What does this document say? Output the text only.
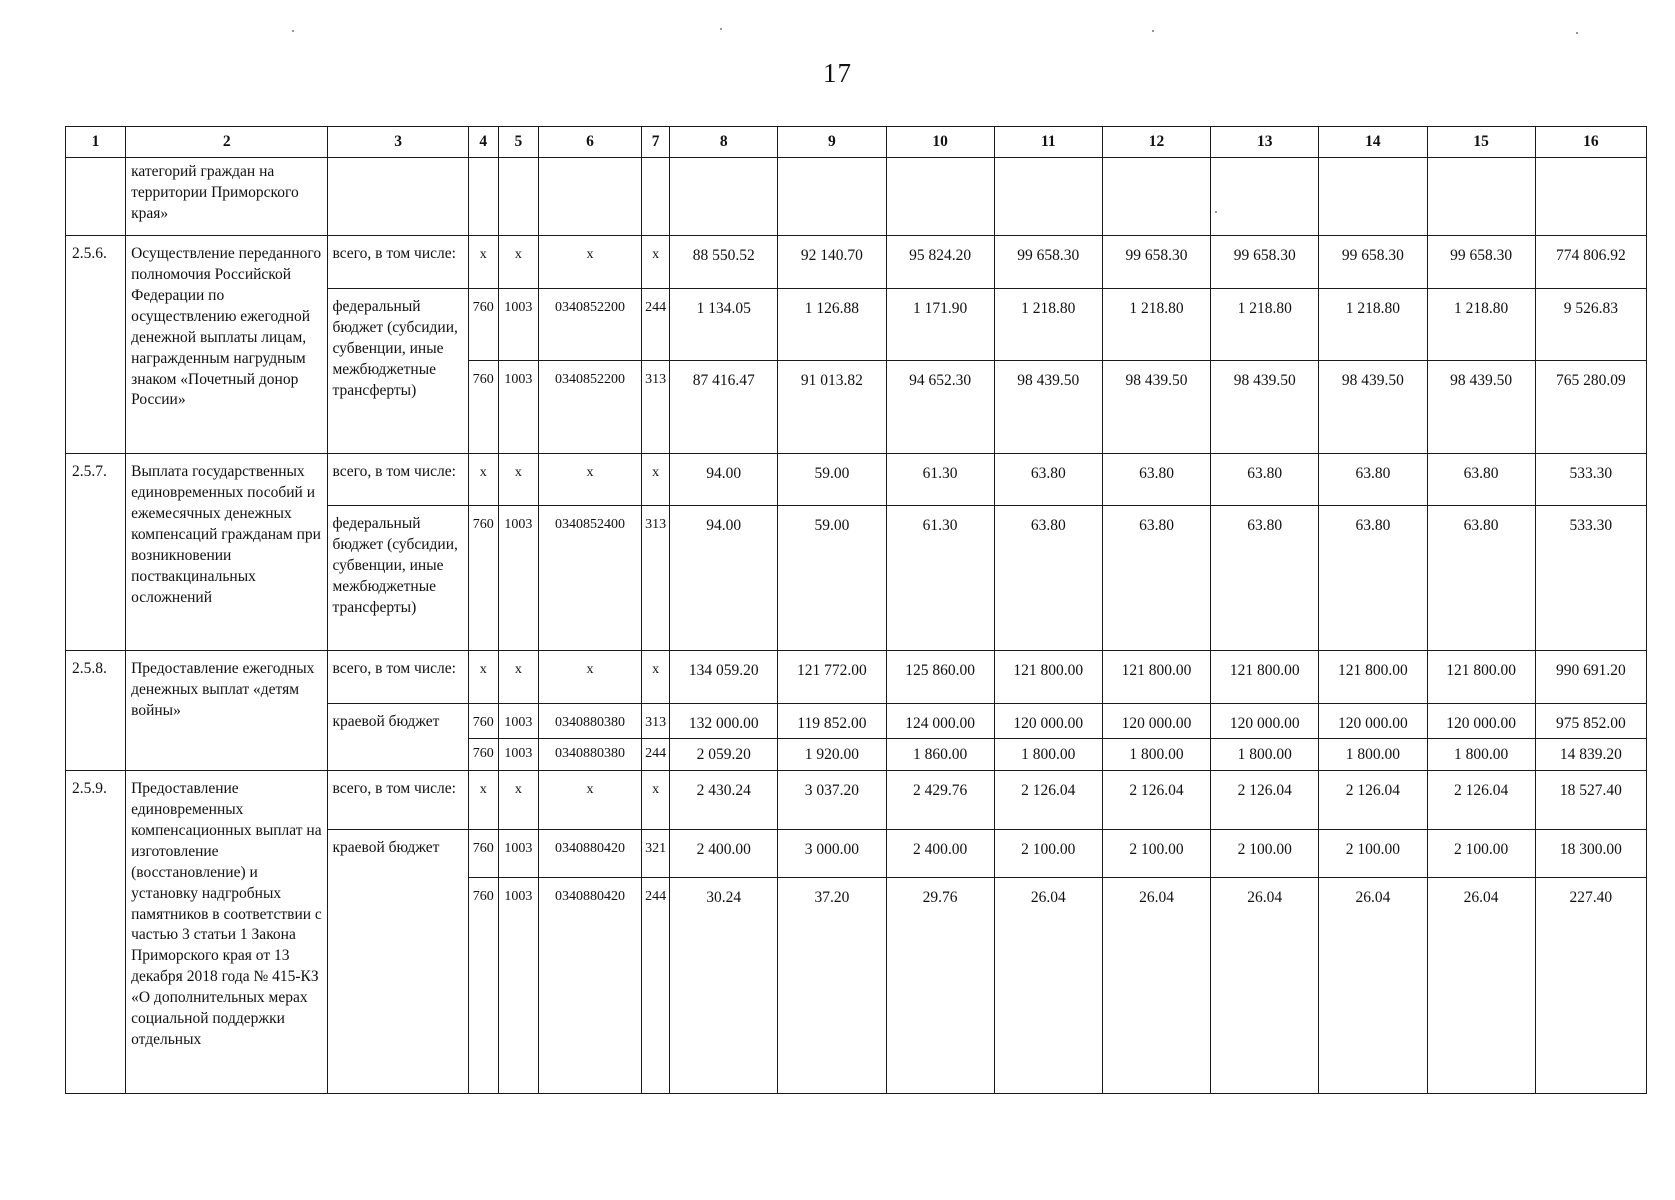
17
1	2	3	4	5	6	7	8	9	10	11	12	13	14	15	16
	категорий граждан на территории Приморского края»														
2.5.6.	Осуществление переданного полномочия Российской Федерации по осуществлению ежегодной денежной выплаты лицам, награжденным нагрудным знаком «Почетный донор России»	всего, в том числе:	x	x	x	x	88 550.52	92 140.70	95 824.20	99 658.30	99 658.30	99 658.30	99 658.30	99 658.30	774 806.92
		федеральный бюджет (субсидии, субвенции, иные межбюджетные трансферты)	760	1003	0340852200	244	1 134.05	1 126.88	1 171.90	1 218.80	1 218.80	1 218.80	1 218.80	1 218.80	9 526.83
			760	1003	0340852200	313	87 416.47	91 013.82	94 652.30	98 439.50	98 439.50	98 439.50	98 439.50	98 439.50	765 280.09
2.5.7.	Выплата государственных единовременных пособий и ежемесячных денежных компенсаций гражданам при возникновении поствакцинальных осложнений	всего, в том числе:	x	x	x	x	94.00	59.00	61.30	63.80	63.80	63.80	63.80	63.80	533.30
		федеральный бюджет (субсидии, субвенции, иные межбюджетные трансферты)	760	1003	0340852400	313	94.00	59.00	61.30	63.80	63.80	63.80	63.80	63.80	533.30
2.5.8.	Предоставление ежегодных денежных выплат «детям войны»	всего, в том числе:	x	x	x	x	134 059.20	121 772.00	125 860.00	121 800.00	121 800.00	121 800.00	121 800.00	121 800.00	990 691.20
		краевой бюджет	760	1003	0340880380	313	132 000.00	119 852.00	124 000.00	120 000.00	120 000.00	120 000.00	120 000.00	120 000.00	975 852.00
			760	1003	0340880380	244	2 059.20	1 920.00	1 860.00	1 800.00	1 800.00	1 800.00	1 800.00	1 800.00	14 839.20
2.5.9.	Предоставление единовременных компенсационных выплат на изготовление (восстановление) и установку надгробных памятников в соответствии с частью 3 статьи 1 Закона Приморского края от 13 декабря 2018 года № 415-КЗ «О дополнительных мерах социальной поддержки отдельных	всего, в том числе:	x	x	x	x	2 430.24	3 037.20	2 429.76	2 126.04	2 126.04	2 126.04	2 126.04	2 126.04	18 527.40
		краевой бюджет	760	1003	0340880420	321	2 400.00	3 000.00	2 400.00	2 100.00	2 100.00	2 100.00	2 100.00	2 100.00	18 300.00
			760	1003	0340880420	244	30.24	37.20	29.76	26.04	26.04	26.04	26.04	26.04	227.40
